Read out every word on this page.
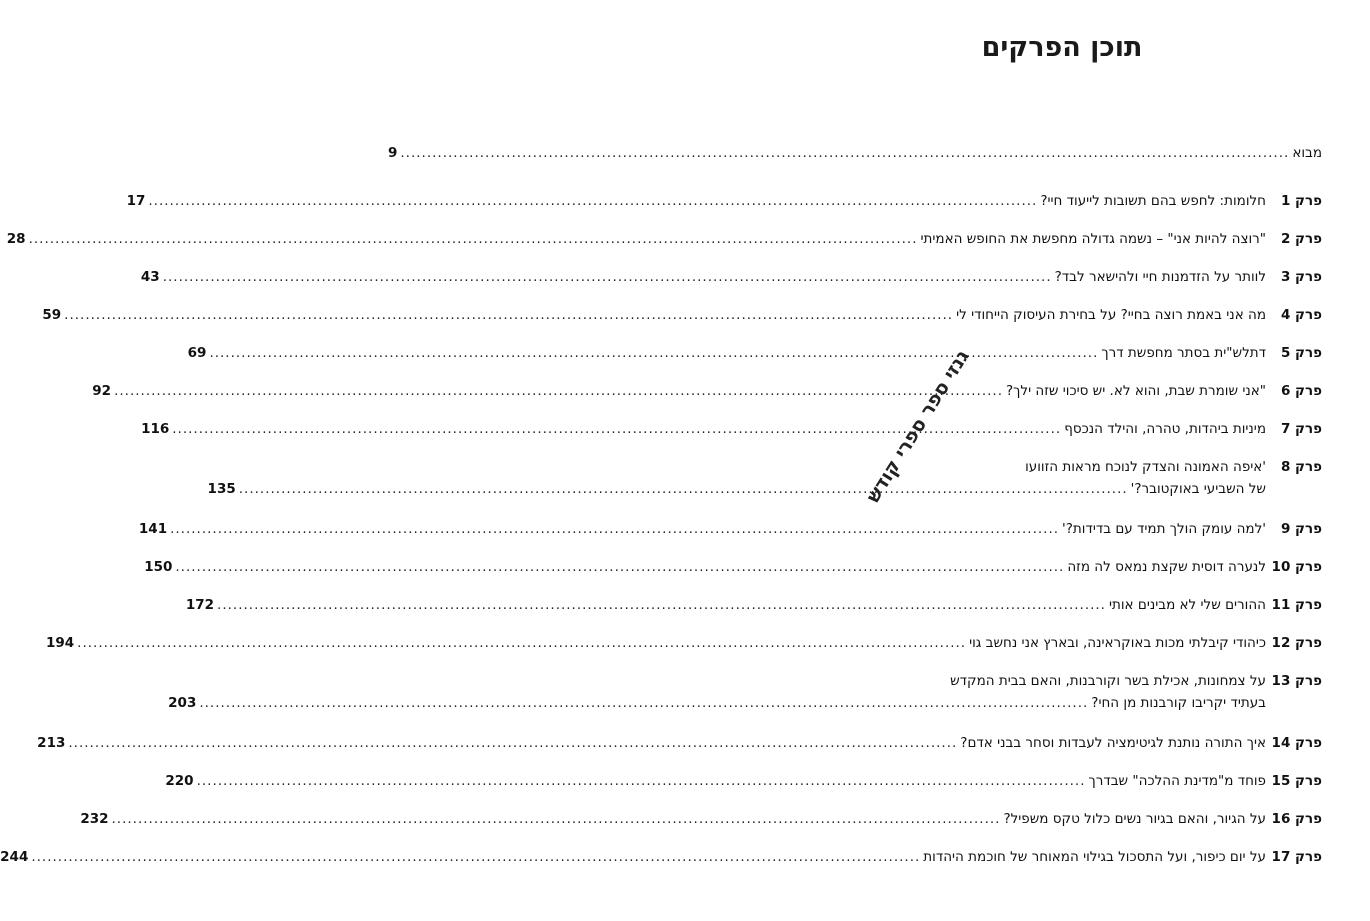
תוכן הפרקים
מבוא
.....
9
פרק 1
חלומות: לחפש בהם תשובות לייעוד חיי?
.....
17
פרק 2
"רוצה להיות אני" – נשמה גדולה מחפשת את החופש האמיתי
.....
28
פרק 3
לוותר על הזדמנות חיי ולהישאר לבד?
.....
43
פרק 4
מה אני באמת רוצה בחיי? על בחירת העיסוק הייחודי לי
.....
59
פרק 5
דתלש"ית בסתר מחפשת דרך
.....
69
פרק 6
"אני שומרת שבת, והוא לא. יש סיכוי שזה ילך?
.....
92
פרק 7
מיניות ביהדות, טהרה, והילד הנכסף
.....
116
פרק 8
'איפה האמונה והצדק לנוכח מראות הזוועו
של השביעי באוקטובר?'
.....
135
פרק 9
'למה עומק הולך תמיד עם בדידות?'
.....
141
פרק 10
לנערה דוסית שקצת נמאס לה מזה
.....
150
פרק 11
ההורים שלי לא מבינים אותי
.....
172
פרק 12
כיהודי קיבלתי מכות באוקראינה, ובארץ אני נחשב גוי
.....
194
פרק 13
על צמחונות, אכילת בשר וקורבנות, והאם בבית המקדש
בעתיד יקריבו קורבנות מן החי?
.....
203
פרק 14
איך התורה נותנת לגיטימציה לעבדות וסחר בבני אדם?
.....
213
פרק 15
פוחד מ"מדינת ההלכה" שבדרך
.....
220
פרק 16
על הגיור, והאם בגיור נשים כלול טקס משפיל?
.....
232
פרק 17
על יום כיפור, ועל התסכול בגילוי המאוחר של חוכמת היהדות
.....
244
גנזי ספר ספרי קודש
